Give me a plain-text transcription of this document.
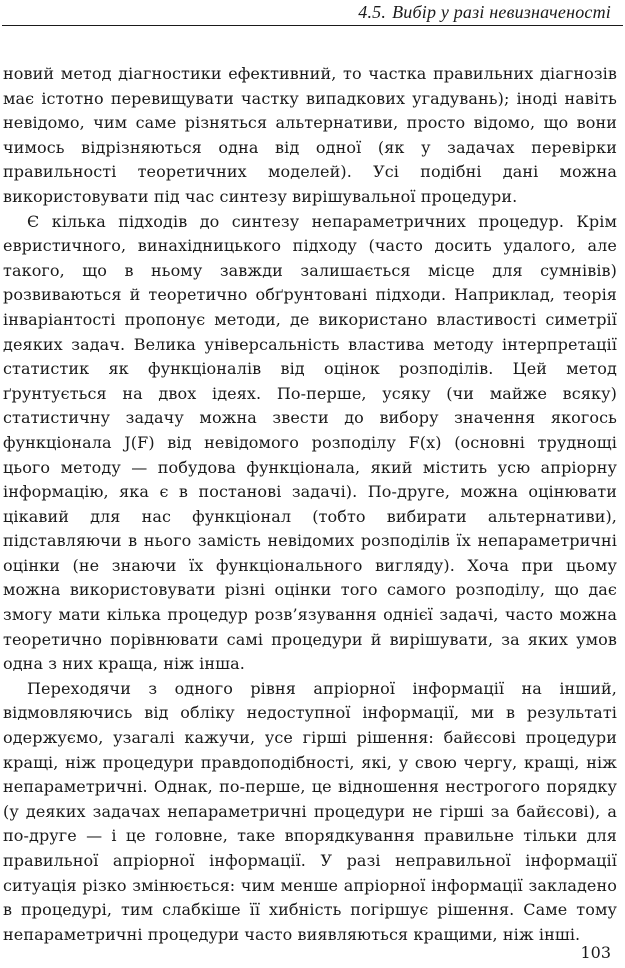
4.5. Вибір у разі невизначеності

новий метод діагностики ефективний, то частка правильних діагнозів має істотно перевищувати частку випадкових угадувань); іноді навіть невідомо, чим саме різняться альтернативи, просто відомо, що вони чимось відрізняються одна від одної (як у задачах перевірки правильності теоретичних моделей). Усі подібні дані можна використовувати під час синтезу вирішувальної процедури.

Є кілька підходів до синтезу непараметричних процедур. Крім евристичного, винахідницького підходу (часто досить удалого, але такого, що в ньому завжди залишається місце для сумнівів) розвиваються й теоретично обґрунтовані підходи. Наприклад, теорія інваріантості пропонує методи, де використано властивості симетрії деяких задач. Велика універсальність властива методу інтерпретації статистик як функціоналів від оцінок розподілів. Цей метод ґрунтується на двох ідеях. По-перше, усяку (чи майже всяку) статистичну задачу можна звести до вибору значення якогось функціонала J(F) від невідомого розподілу F(x) (основні труднощі цього методу — побудова функціонала, який містить усю апріорну інформацію, яка є в постанові задачі). По-друге, можна оцінювати цікавий для нас функціонал (тобто вибирати альтернативи), підставляючи в нього замість невідомих розподілів їх непараметричні оцінки (не знаючи їх функціонального вигляду). Хоча при цьому можна використовувати різні оцінки того самого розподілу, що дає змогу мати кілька процедур розв’язування однієї задачі, часто можна теоретично порівнювати самі процедури й вирішувати, за яких умов одна з них краща, ніж інша.

Переходячи з одного рівня апріорної інформації на інший, відмовляючись від обліку недоступної інформації, ми в результаті одержуємо, узагалі кажучи, усе гірші рішення: байєсові процедури кращі, ніж процедури правдоподібності, які, у свою чергу, кращі, ніж непараметричні. Однак, по-перше, це відношення нестрогого порядку (у деяких задачах непараметричні процедури не гірші за байєсові), а по-друге — і це головне, таке впорядкування правильне тільки для правильної апріорної інформації. У разі неправильної інформації ситуація різко змінюється: чим менше апріорної інформації закладено в процедурі, тим слабкіше її хибність погіршує рішення. Саме тому непараметричні процедури часто виявляються кращими, ніж інші.

103
